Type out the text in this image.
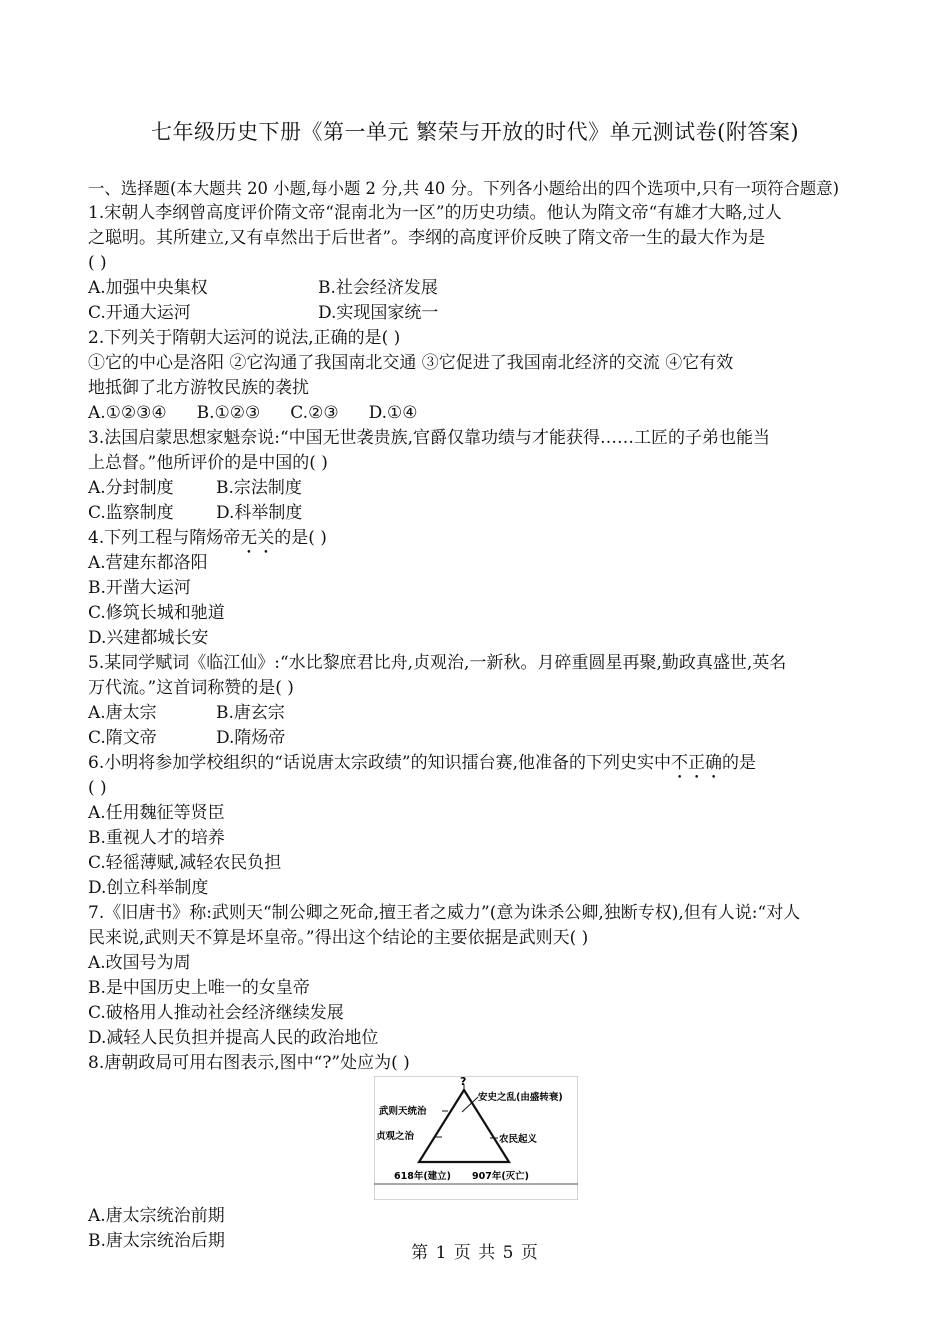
七年级历史下册《第一单元 繁荣与开放的时代》单元测试卷(附答案)
一、选择题(本大题共 20 小题,每小题 2 分,共 40 分。下列各小题给出的四个选项中,只有一项符合题意)
1.宋朝人李纲曾高度评价隋文帝“混南北为一区”的历史功绩。他认为隋文帝“有雄才大略,过人
之聪明。其所建立,又有卓然出于后世者”。李纲的高度评价反映了隋文帝一生的最大作为是
( )
A.加强中央集权	B.社会经济发展
C.开通大运河	D.实现国家统一
2.下列关于隋朝大运河的说法,正确的是( )
①它的中心是洛阳 ②它沟通了我国南北交通 ③它促进了我国南北经济的交流 ④它有效
地抵御了北方游牧民族的袭扰
A.①②③④ B.①②③ C.②③ D.①④
3.法国启蒙思想家魁奈说:“中国无世袭贵族,官爵仅靠功绩与才能获得……工匠的子弟也能当
上总督。”他所评价的是中国的( )
A.分封制度	B.宗法制度
C.监察制度	D.科举制度
4.下列工程与隋炀帝无关的是( )
A.营建东都洛阳
B.开凿大运河
C.修筑长城和驰道
D.兴建都城长安
5.某同学赋词《临江仙》:“水比黎庶君比舟,贞观治,一新秋。月碎重圆星再聚,勤政真盛世,英名
万代流。”这首词称赞的是( )
A.唐太宗	B.唐玄宗
C.隋文帝	D.隋炀帝
6.小明将参加学校组织的“话说唐太宗政绩”的知识擂台赛,他准备的下列史实中不正确的是
( )
A.任用魏征等贤臣
B.重视人才的培养
C.轻徭薄赋,减轻农民负担
D.创立科举制度
7.《旧唐书》称:武则天“制公卿之死命,擅王者之威力”(意为诛杀公卿,独断专权),但有人说:“对人
民来说,武则天不算是坏皇帝。”得出这个结论的主要依据是武则天( )
A.改国号为周
B.是中国历史上唯一的女皇帝
C.破格用人推动社会经济继续发展
D.减轻人民负担并提高人民的政治地位
8.唐朝政局可用右图表示,图中“?”处应为( )
?
安史之乱(由盛转衰)
武则天统治
贞观之治	农民起义
618年(建立) 907年(灭亡)
A.唐太宗统治前期
B.唐太宗统治后期
第 1 页 共 5 页
